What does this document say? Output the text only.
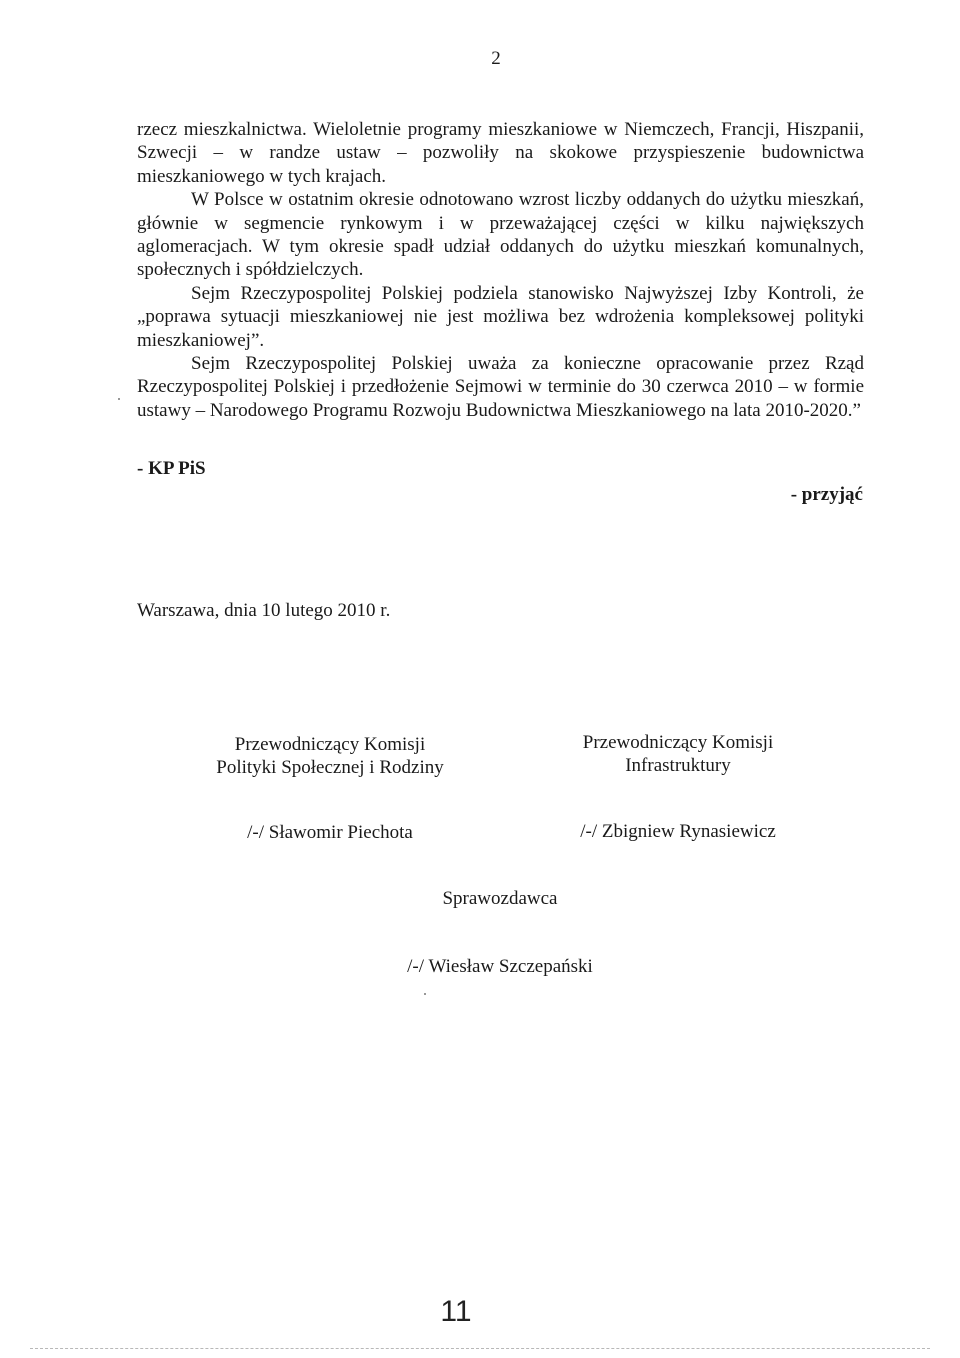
2

rzecz mieszkalnictwa. Wieloletnie programy mieszkaniowe w Niemczech, Francji, Hiszpanii, Szwecji – w randze ustaw – pozwoliły na skokowe przyspieszenie budownictwa mieszkaniowego w tych krajach.

W Polsce w ostatnim okresie odnotowano wzrost liczby oddanych do użytku mieszkań, głównie w segmencie rynkowym i w przeważającej części w kilku największych aglomeracjach. W tym okresie spadł udział oddanych do użytku mieszkań komunalnych, społecznych i spółdzielczych.

Sejm Rzeczypospolitej Polskiej podziela stanowisko Najwyższej Izby Kontroli, że „poprawa sytuacji mieszkaniowej nie jest możliwa bez wdrożenia kompleksowej polityki mieszkaniowej”.

Sejm Rzeczypospolitej Polskiej uważa za konieczne opracowanie przez Rząd Rzeczypospolitej Polskiej i przedłożenie Sejmowi w terminie do 30 czerwca 2010 – w formie ustawy – Narodowego Programu Rozwoju Budownictwa Mieszkaniowego na lata 2010-2020.”

- KP PiS
- przyjąć
Warszawa, dnia 10 lutego 2010 r.
Przewodniczący Komisji
Polityki Społecznej i Rodziny
Przewodniczący Komisji
Infrastruktury
/-/ Sławomir Piechota	/-/ Zbigniew Rynasiewicz
Sprawozdawca
/-/ Wiesław Szczepański
11
